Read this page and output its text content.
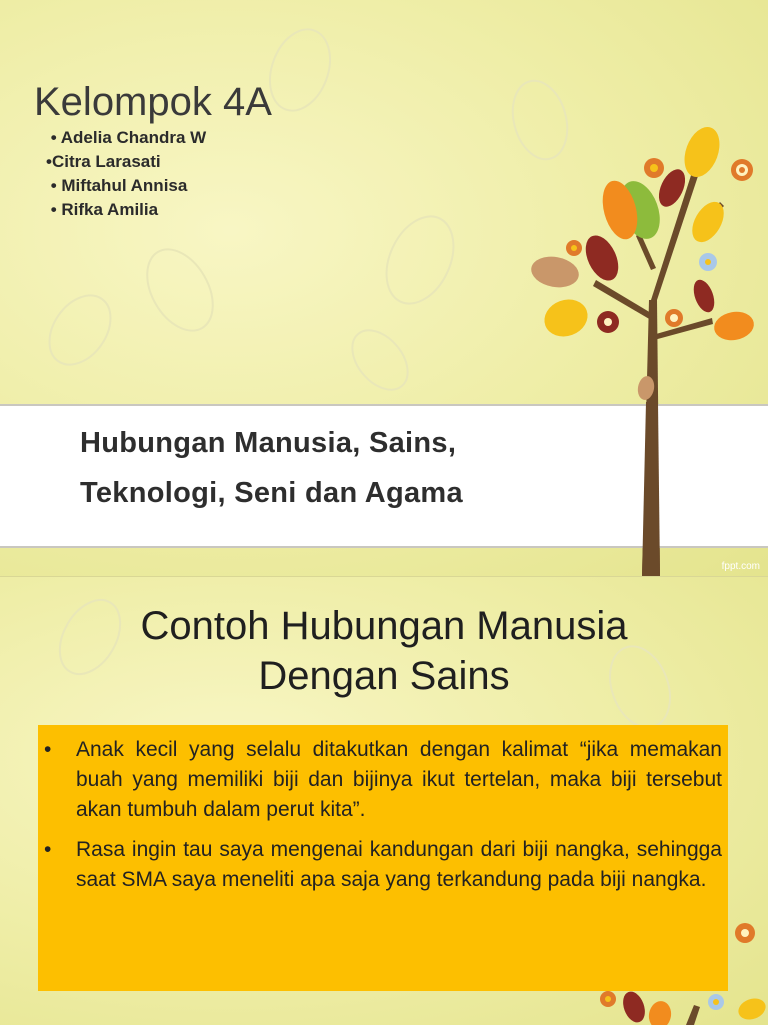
Kelompok 4A
• Adelia Chandra W
•Citra Larasati
• Miftahul Annisa
• Rifka Amilia
Hubungan Manusia, Sains,
Teknologi, Seni dan Agama
fppt.com
Contoh Hubungan Manusia
Dengan Sains
• Anak kecil yang selalu ditakutkan dengan kalimat “jika memakan buah yang memiliki biji dan bijinya ikut tertelan, maka biji tersebut akan tumbuh dalam perut kita”.
• Rasa ingin tau saya mengenai kandungan dari biji nangka, sehingga saat SMA saya meneliti apa saja yang terkandung pada biji nangka.
